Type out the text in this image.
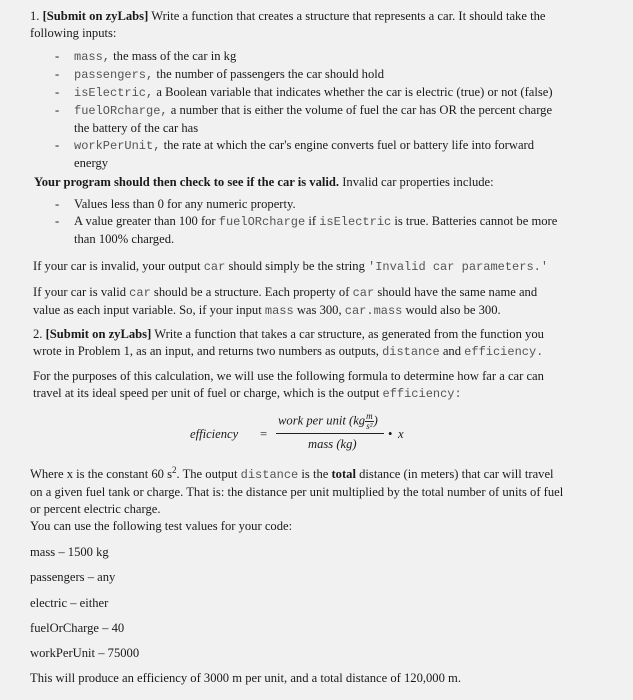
1. [Submit on zyLabs] Write a function that creates a structure that represents a car. It should take the

following inputs:

- mass, the mass of the car in kg
- passengers, the number of passengers the car should hold
- isElectric, a Boolean variable that indicates whether the car is electric (true) or not (false)
- fuelORcharge, a number that is either the volume of fuel the car has OR the percent charge
the battery of the car has
- workPerUnit, the rate at which the car's engine converts fuel or battery life into forward
energy

Your program should then check to see if the car is valid. Invalid car properties include:

- Values less than 0 for any numeric property.
- A value greater than 100 for fuelORcharge if isElectric is true. Batteries cannot be more
than 100% charged.

If your car is invalid, your output car should simply be the string 'Invalid car parameters.'

If your car is valid car should be a structure. Each property of car should have the same name and

value as each input variable. So, if your input mass was 300, car.mass would also be 300.

2. [Submit on zyLabs] Write a function that takes a car structure, as generated from the function you

wrote in Problem 1, as an input, and returns two numbers as outputs, distance and efficiency.

For the purposes of this calculation, we will use the following formula to determine how far a car can

travel at its ideal speed per unit of fuel or charge, which is the output efficiency:

efficiency =
work per unit $(kg \frac{m}{\text{s²}})$
mass (kg)
• x

Where x is the constant 60 $s^2$. The output distance is the total distance (in meters) that car will travel

on a given fuel tank or charge. That is: the distance per unit multiplied by the total number of units of fuel

or percent electric charge.

You can use the following test values for your code:

mass – 1500 kg

passengers – any

electric – either

fuelOrCharge – 40

workPerUnit – 75000

This will produce an efficiency of 3000 m per unit, and a total distance of 120,000 m.
